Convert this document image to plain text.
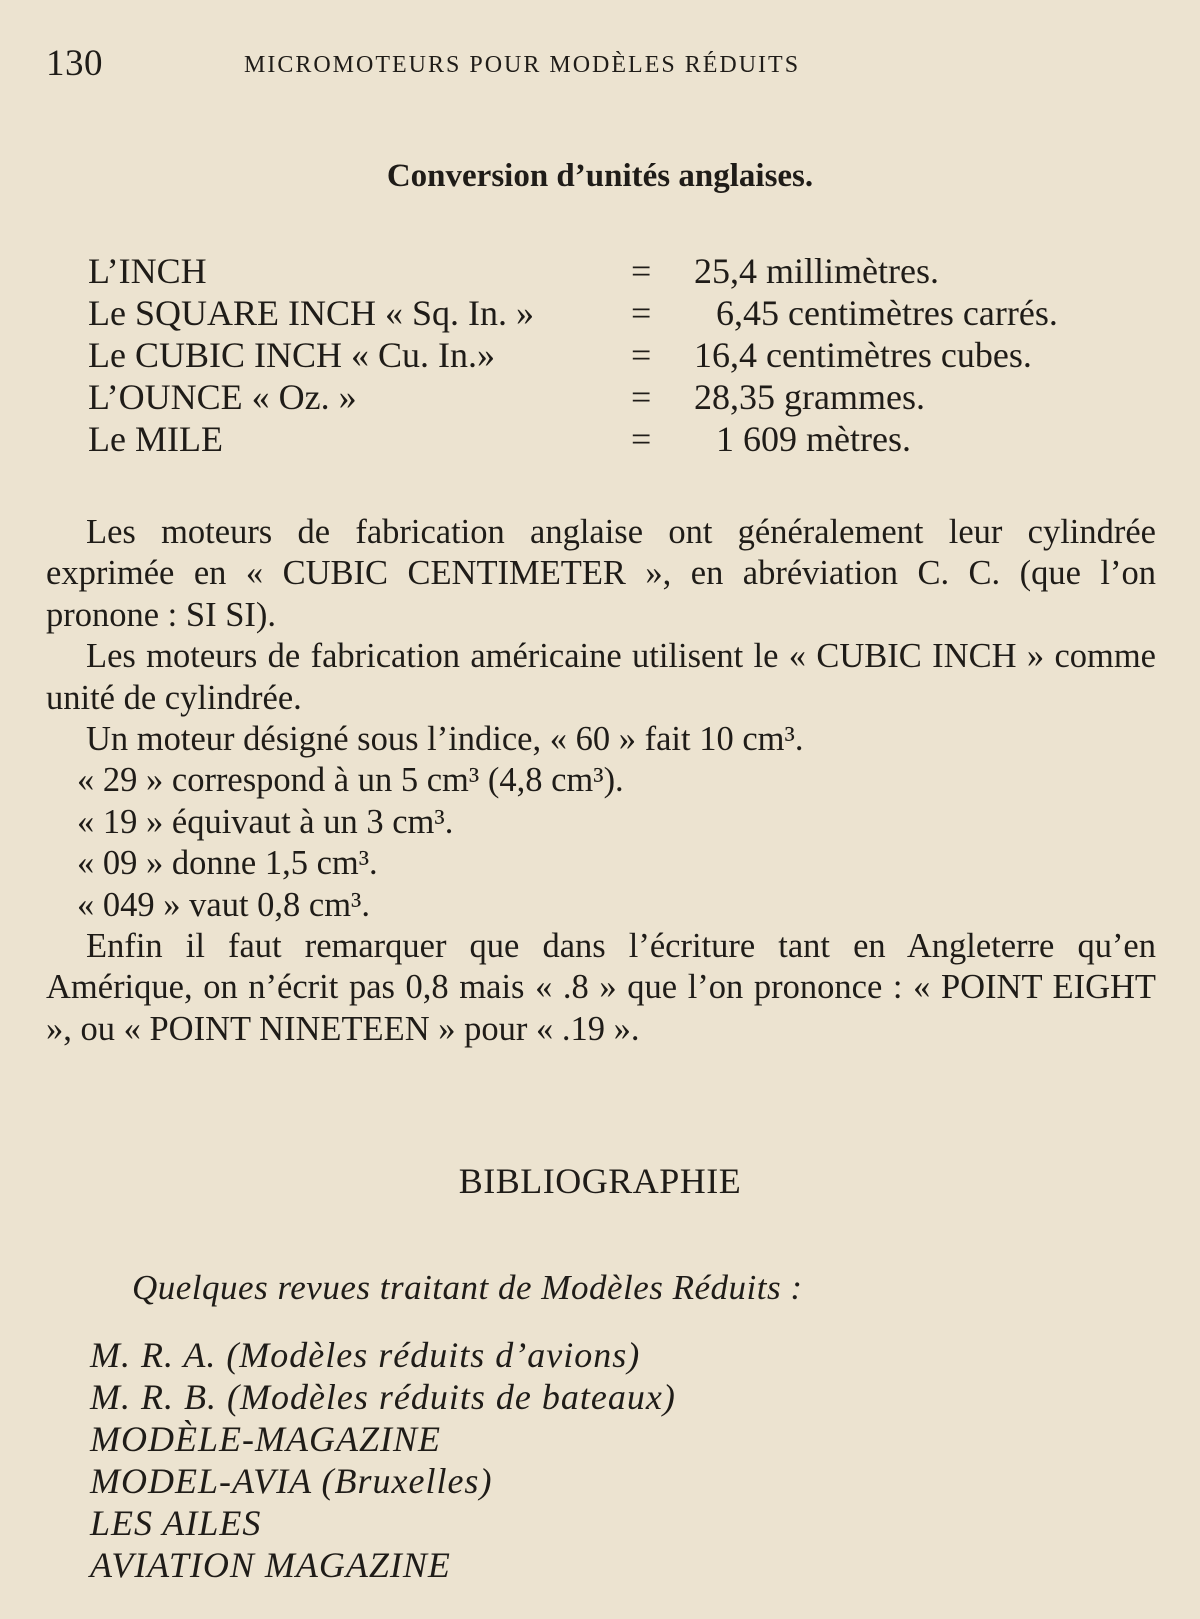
130	MICROMOTEURS POUR MODÈLES RÉDUITS
Conversion d’unités anglaises.
L’INCH	= 25,4 millimètres.
Le SQUARE INCH « Sq. In. »	= 6,45 centimètres carrés.
Le CUBIC INCH « Cu. In.»	= 16,4 centimètres cubes.
L’OUNCE « Oz. »	= 28,35 grammes.
Le MILE	= 1 609 mètres.

Les moteurs de fabrication anglaise ont généralement leur cylindrée exprimée en « CUBIC CENTIMETER », en abréviation C. C. (que l’on pronone : SI SI).

Les moteurs de fabrication américaine utilisent le « CUBIC INCH » comme unité de cylindrée.

Un moteur désigné sous l’indice, « 60 » fait 10 cm³.

« 29 » correspond à un 5 cm³ (4,8 cm³).

« 19 » équivaut à un 3 cm³.

« 09 » donne 1,5 cm³.

« 049 » vaut 0,8 cm³.

Enfin il faut remarquer que dans l’écriture tant en Angleterre qu’en Amérique, on n’écrit pas 0,8 mais « .8 » que l’on prononce : « POINT EIGHT », ou « POINT NINETEEN » pour « .19 ».

BIBLIOGRAPHIE
Quelques revues traitant de Modèles Réduits :
M. R. A. (Modèles réduits d’avions)
M. R. B. (Modèles réduits de bateaux)
MODÈLE-MAGAZINE
MODEL-AVIA (Bruxelles)
LES AILES
AVIATION MAGAZINE
